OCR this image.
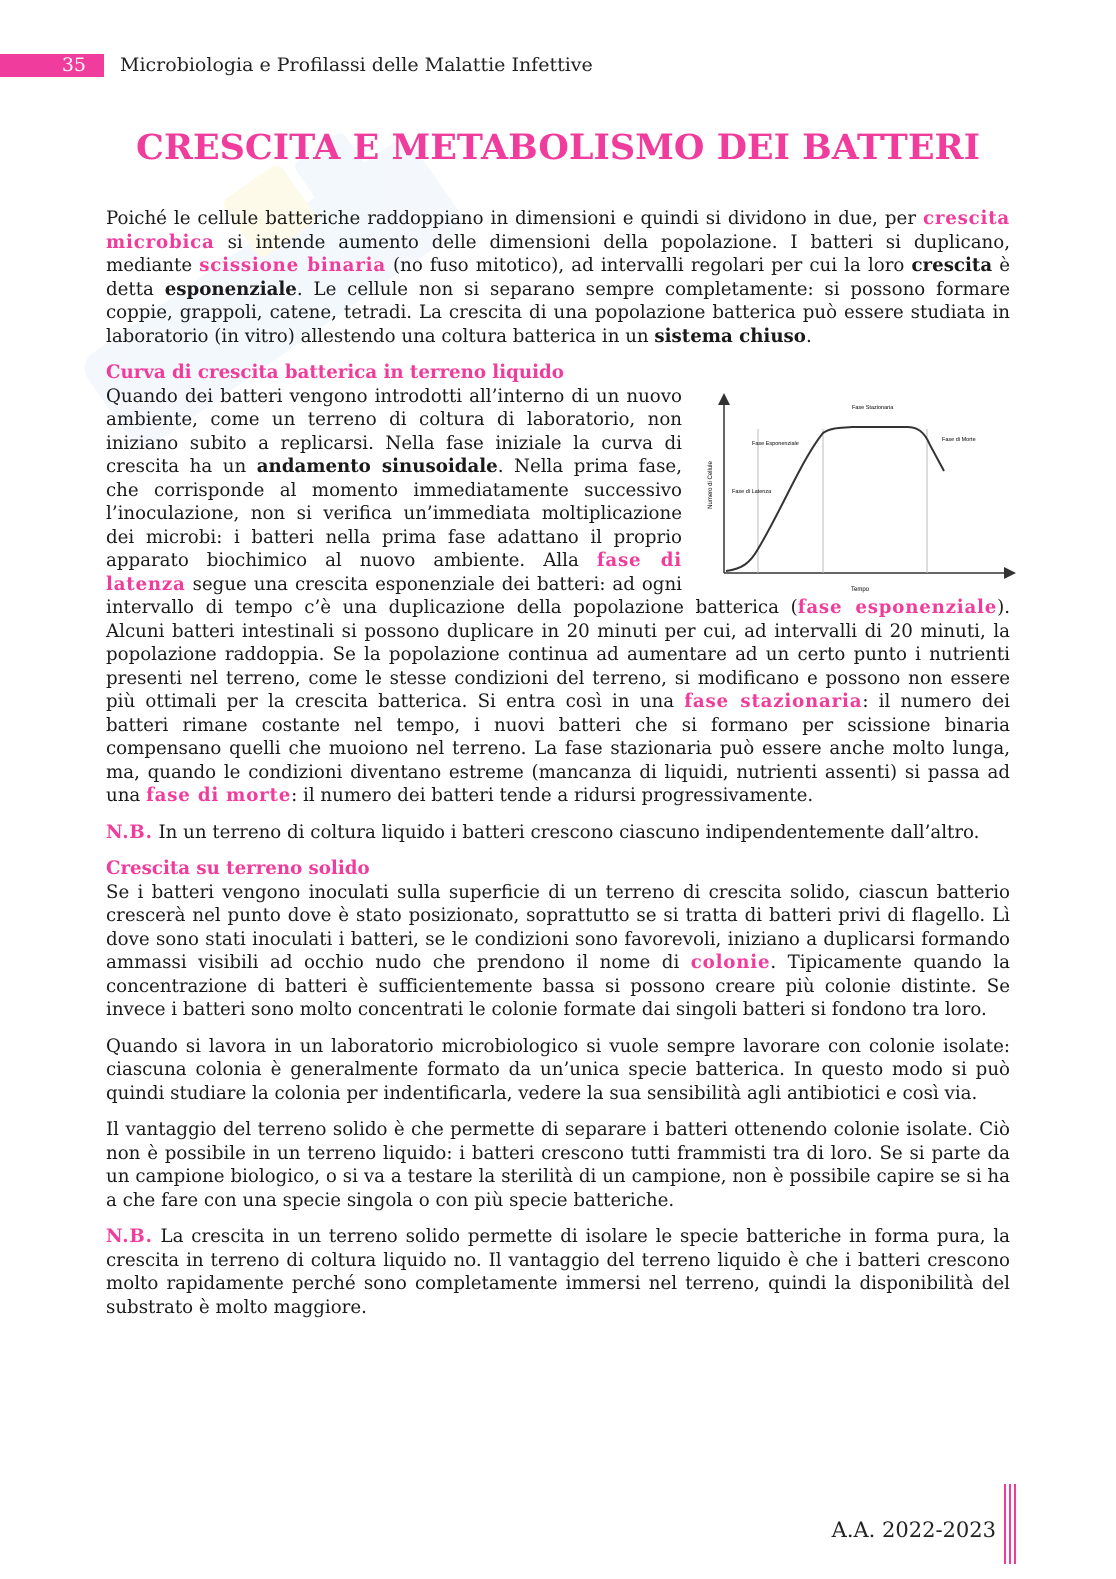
35	Microbiologia e Profilassi delle Malattie Infettive
CRESCITA E METABOLISMO DEI BATTERI

Poiché le cellule batteriche raddoppiano in dimensioni e quindi si dividono in due, per crescita microbica si intende aumento delle dimensioni della popolazione. I batteri si duplicano, mediante scissione binaria (no fuso mitotico), ad intervalli regolari per cui la loro crescita è detta esponenziale. Le cellule non si separano sempre completamente: si possono formare coppie, grappoli, catene, tetradi. La crescita di una popolazione batterica può essere studiata in laboratorio (in vitro) allestendo una coltura batterica in un sistema chiuso.

Curva di crescita batterica in terreno liquido

Numero di Cellule
Tempo
Fase di Latenza
Fase Esponenziale
Fase Stazionaria
Fase di Morte
Quando dei batteri vengono introdotti all’interno di un nuovo ambiente, come un terreno di coltura di laboratorio, non iniziano subito a replicarsi. Nella fase iniziale la curva di crescita ha un andamento sinusoidale. Nella prima fase, che corrisponde al momento immediatamente successivo l’inoculazione, non si verifica un’immediata moltiplicazione dei microbi: i batteri nella prima fase adattano il proprio apparato biochimico al nuovo ambiente. Alla fase di latenza segue una crescita esponenziale dei batteri: ad ogni intervallo di tempo c’è una duplicazione della popolazione batterica (fase esponenziale). Alcuni batteri intestinali si possono duplicare in 20 minuti per cui, ad intervalli di 20 minuti, la popolazione raddoppia. Se la popolazione continua ad aumentare ad un certo punto i nutrienti presenti nel terreno, come le stesse condizioni del terreno, si modificano e possono non essere più ottimali per la crescita batterica. Si entra così in una fase stazionaria: il numero dei batteri rimane costante nel tempo, i nuovi batteri che si formano per scissione binaria compensano quelli che muoiono nel terreno. La fase stazionaria può essere anche molto lunga, ma, quando le condizioni diventano estreme (mancanza di liquidi, nutrienti assenti) si passa ad una fase di morte: il numero dei batteri tende a ridursi progressivamente.

N.B. In un terreno di coltura liquido i batteri crescono ciascuno indipendentemente dall’altro.

Crescita su terreno solido

Se i batteri vengono inoculati sulla superficie di un terreno di crescita solido, ciascun batterio crescerà nel punto dove è stato posizionato, soprattutto se si tratta di batteri privi di flagello. Lì dove sono stati inoculati i batteri, se le condizioni sono favorevoli, iniziano a duplicarsi formando ammassi visibili ad occhio nudo che prendono il nome di colonie. Tipicamente quando la concentrazione di batteri è sufficientemente bassa si possono creare più colonie distinte. Se invece i batteri sono molto concentrati le colonie formate dai singoli batteri si fondono tra loro.

Quando si lavora in un laboratorio microbiologico si vuole sempre lavorare con colonie isolate: ciascuna colonia è generalmente formato da un’unica specie batterica. In questo modo si può quindi studiare la colonia per indentificarla, vedere la sua sensibilità agli antibiotici e così via.

Il vantaggio del terreno solido è che permette di separare i batteri ottenendo colonie isolate. Ciò non è possibile in un terreno liquido: i batteri crescono tutti frammisti tra di loro. Se si parte da un campione biologico, o si va a testare la sterilità di un campione, non è possibile capire se si ha a che fare con una specie singola o con più specie batteriche.

N.B. La crescita in un terreno solido permette di isolare le specie batteriche in forma pura, la crescita in terreno di coltura liquido no. Il vantaggio del terreno liquido è che i batteri crescono molto rapidamente perché sono completamente immersi nel terreno, quindi la disponibilità del substrato è molto maggiore.

A.A. 2022-2023
